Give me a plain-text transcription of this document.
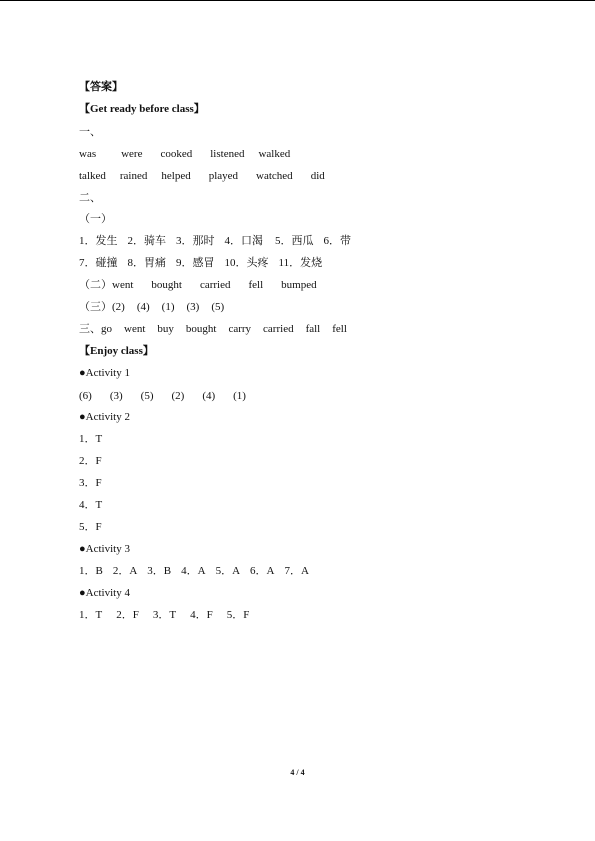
【答案】
【Get ready before class】
一、
was were cooked listened walked
talked rained helped played watched did
二、
（一）
1．发生 2．骑车 3．那时 4．口渴 5．西瓜 6．带
7．碰撞 8．胃痛 9．感冒 10．头疼 11．发烧
（二）went bought carried fell bumped
（三）(2) (4) (1) (3) (5)
三、go went buy bought carry carried fall fell
【Enjoy class】
●Activity 1
(6) (3) (5) (2) (4) (1)
●Activity 2
1．T
2．F
3．F
4．T
5．F
●Activity 3
1．B 2．A 3．B 4．A 5．A 6．A 7．A
●Activity 4
1．T 2．F 3．T 4．F 5．F
4 / 4
